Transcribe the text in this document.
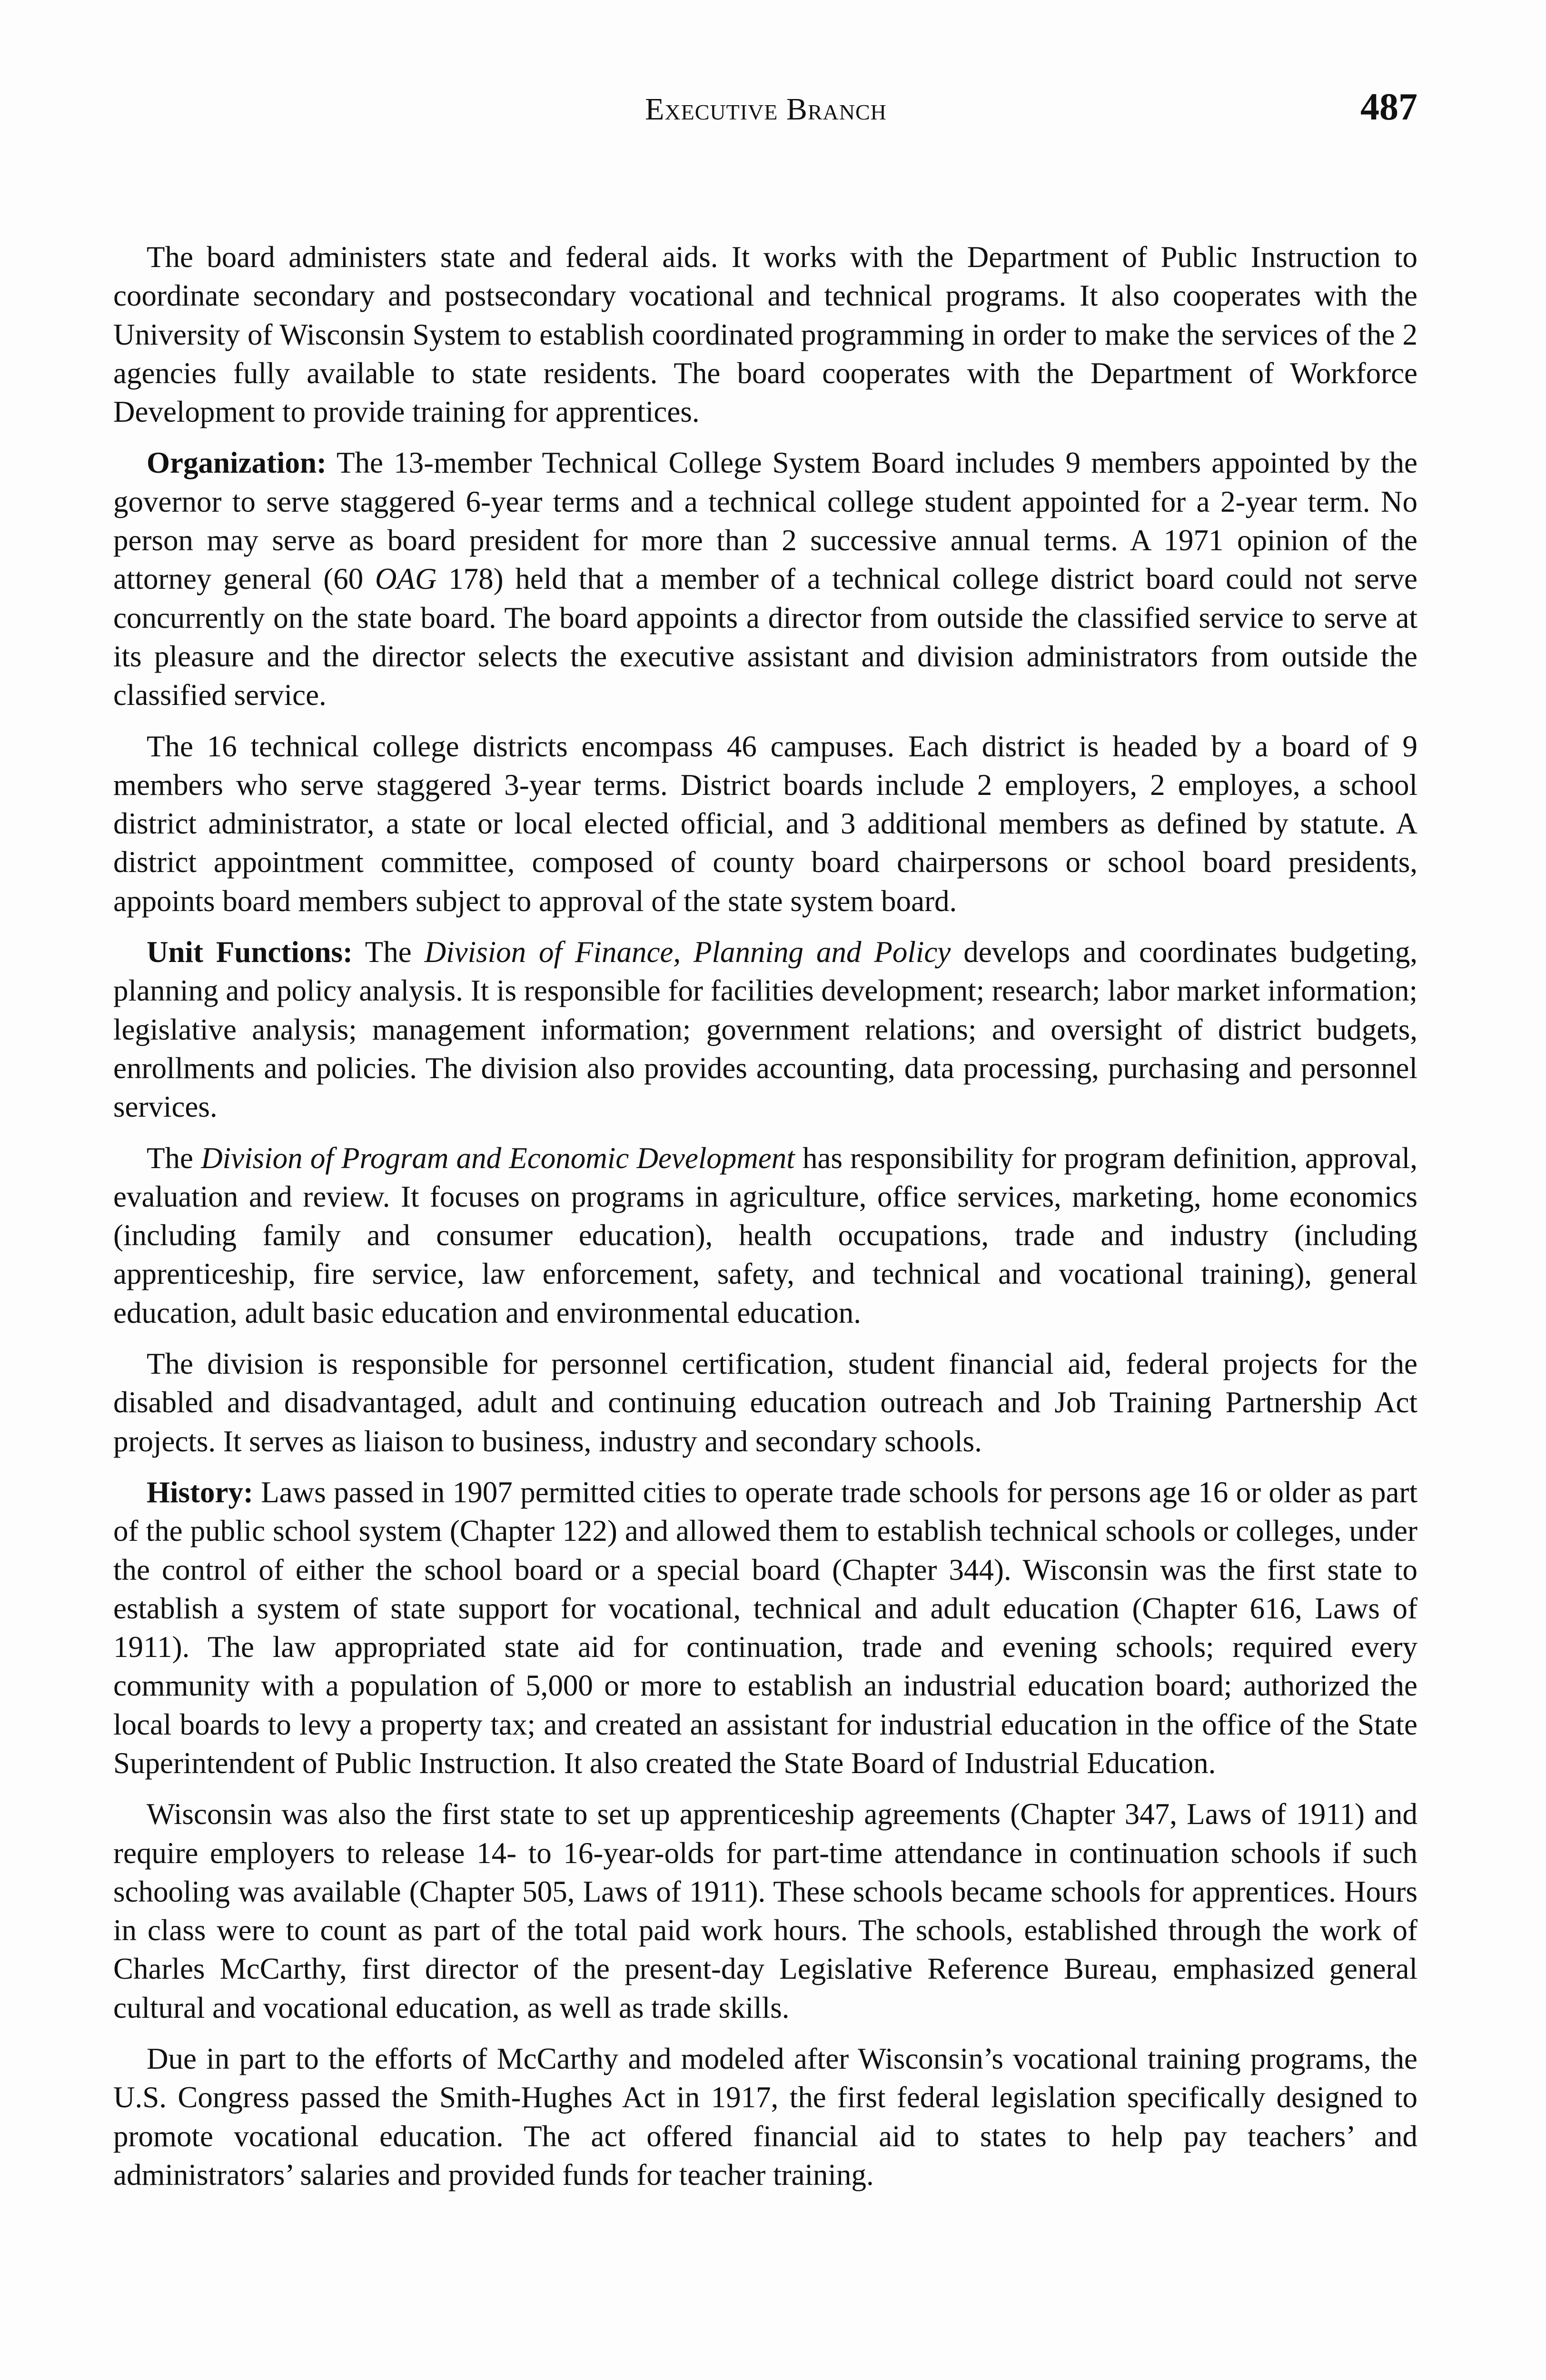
Executive Branch	487

The board administers state and federal aids. It works with the Department of Public Instruction to coordinate secondary and postsecondary vocational and technical programs. It also cooperates with the University of Wisconsin System to establish coordinated programming in order to make the services of the 2 agencies fully available to state residents. The board cooperates with the Department of Workforce Development to provide training for apprentices.

Organization: The 13-member Technical College System Board includes 9 members appointed by the governor to serve staggered 6-year terms and a technical college student appointed for a 2-year term. No person may serve as board president for more than 2 successive annual terms. A 1971 opinion of the attorney general (60 OAG 178) held that a member of a technical college district board could not serve concurrently on the state board. The board appoints a director from outside the classified service to serve at its pleasure and the director selects the executive assistant and division administrators from outside the classified service.

The 16 technical college districts encompass 46 campuses. Each district is headed by a board of 9 members who serve staggered 3-year terms. District boards include 2 employers, 2 employes, a school district administrator, a state or local elected official, and 3 additional members as defined by statute. A district appointment committee, composed of county board chairpersons or school board presidents, appoints board members subject to approval of the state system board.

Unit Functions: The Division of Finance, Planning and Policy develops and coordinates budgeting, planning and policy analysis. It is responsible for facilities development; research; labor market information; legislative analysis; management information; government relations; and oversight of district budgets, enrollments and policies. The division also provides accounting, data processing, purchasing and personnel services.

The Division of Program and Economic Development has responsibility for program definition, approval, evaluation and review. It focuses on programs in agriculture, office services, marketing, home economics (including family and consumer education), health occupations, trade and industry (including apprenticeship, fire service, law enforcement, safety, and technical and vocational training), general education, adult basic education and environmental education.

The division is responsible for personnel certification, student financial aid, federal projects for the disabled and disadvantaged, adult and continuing education outreach and Job Training Partnership Act projects. It serves as liaison to business, industry and secondary schools.

History: Laws passed in 1907 permitted cities to operate trade schools for persons age 16 or older as part of the public school system (Chapter 122) and allowed them to establish technical schools or colleges, under the control of either the school board or a special board (Chapter 344). Wisconsin was the first state to establish a system of state support for vocational, technical and adult education (Chapter 616, Laws of 1911). The law appropriated state aid for continuation, trade and evening schools; required every community with a population of 5,000 or more to establish an industrial education board; authorized the local boards to levy a property tax; and created an assistant for industrial education in the office of the State Superintendent of Public Instruction. It also created the State Board of Industrial Education.

Wisconsin was also the first state to set up apprenticeship agreements (Chapter 347, Laws of 1911) and require employers to release 14- to 16-year-olds for part-time attendance in continuation schools if such schooling was available (Chapter 505, Laws of 1911). These schools became schools for apprentices. Hours in class were to count as part of the total paid work hours. The schools, established through the work of Charles McCarthy, first director of the present-day Legislative Reference Bureau, emphasized general cultural and vocational education, as well as trade skills.

Due in part to the efforts of McCarthy and modeled after Wisconsin’s vocational training programs, the U.S. Congress passed the Smith-Hughes Act in 1917, the first federal legislation specifically designed to promote vocational education. The act offered financial aid to states to help pay teachers’ and administrators’ salaries and provided funds for teacher training.
